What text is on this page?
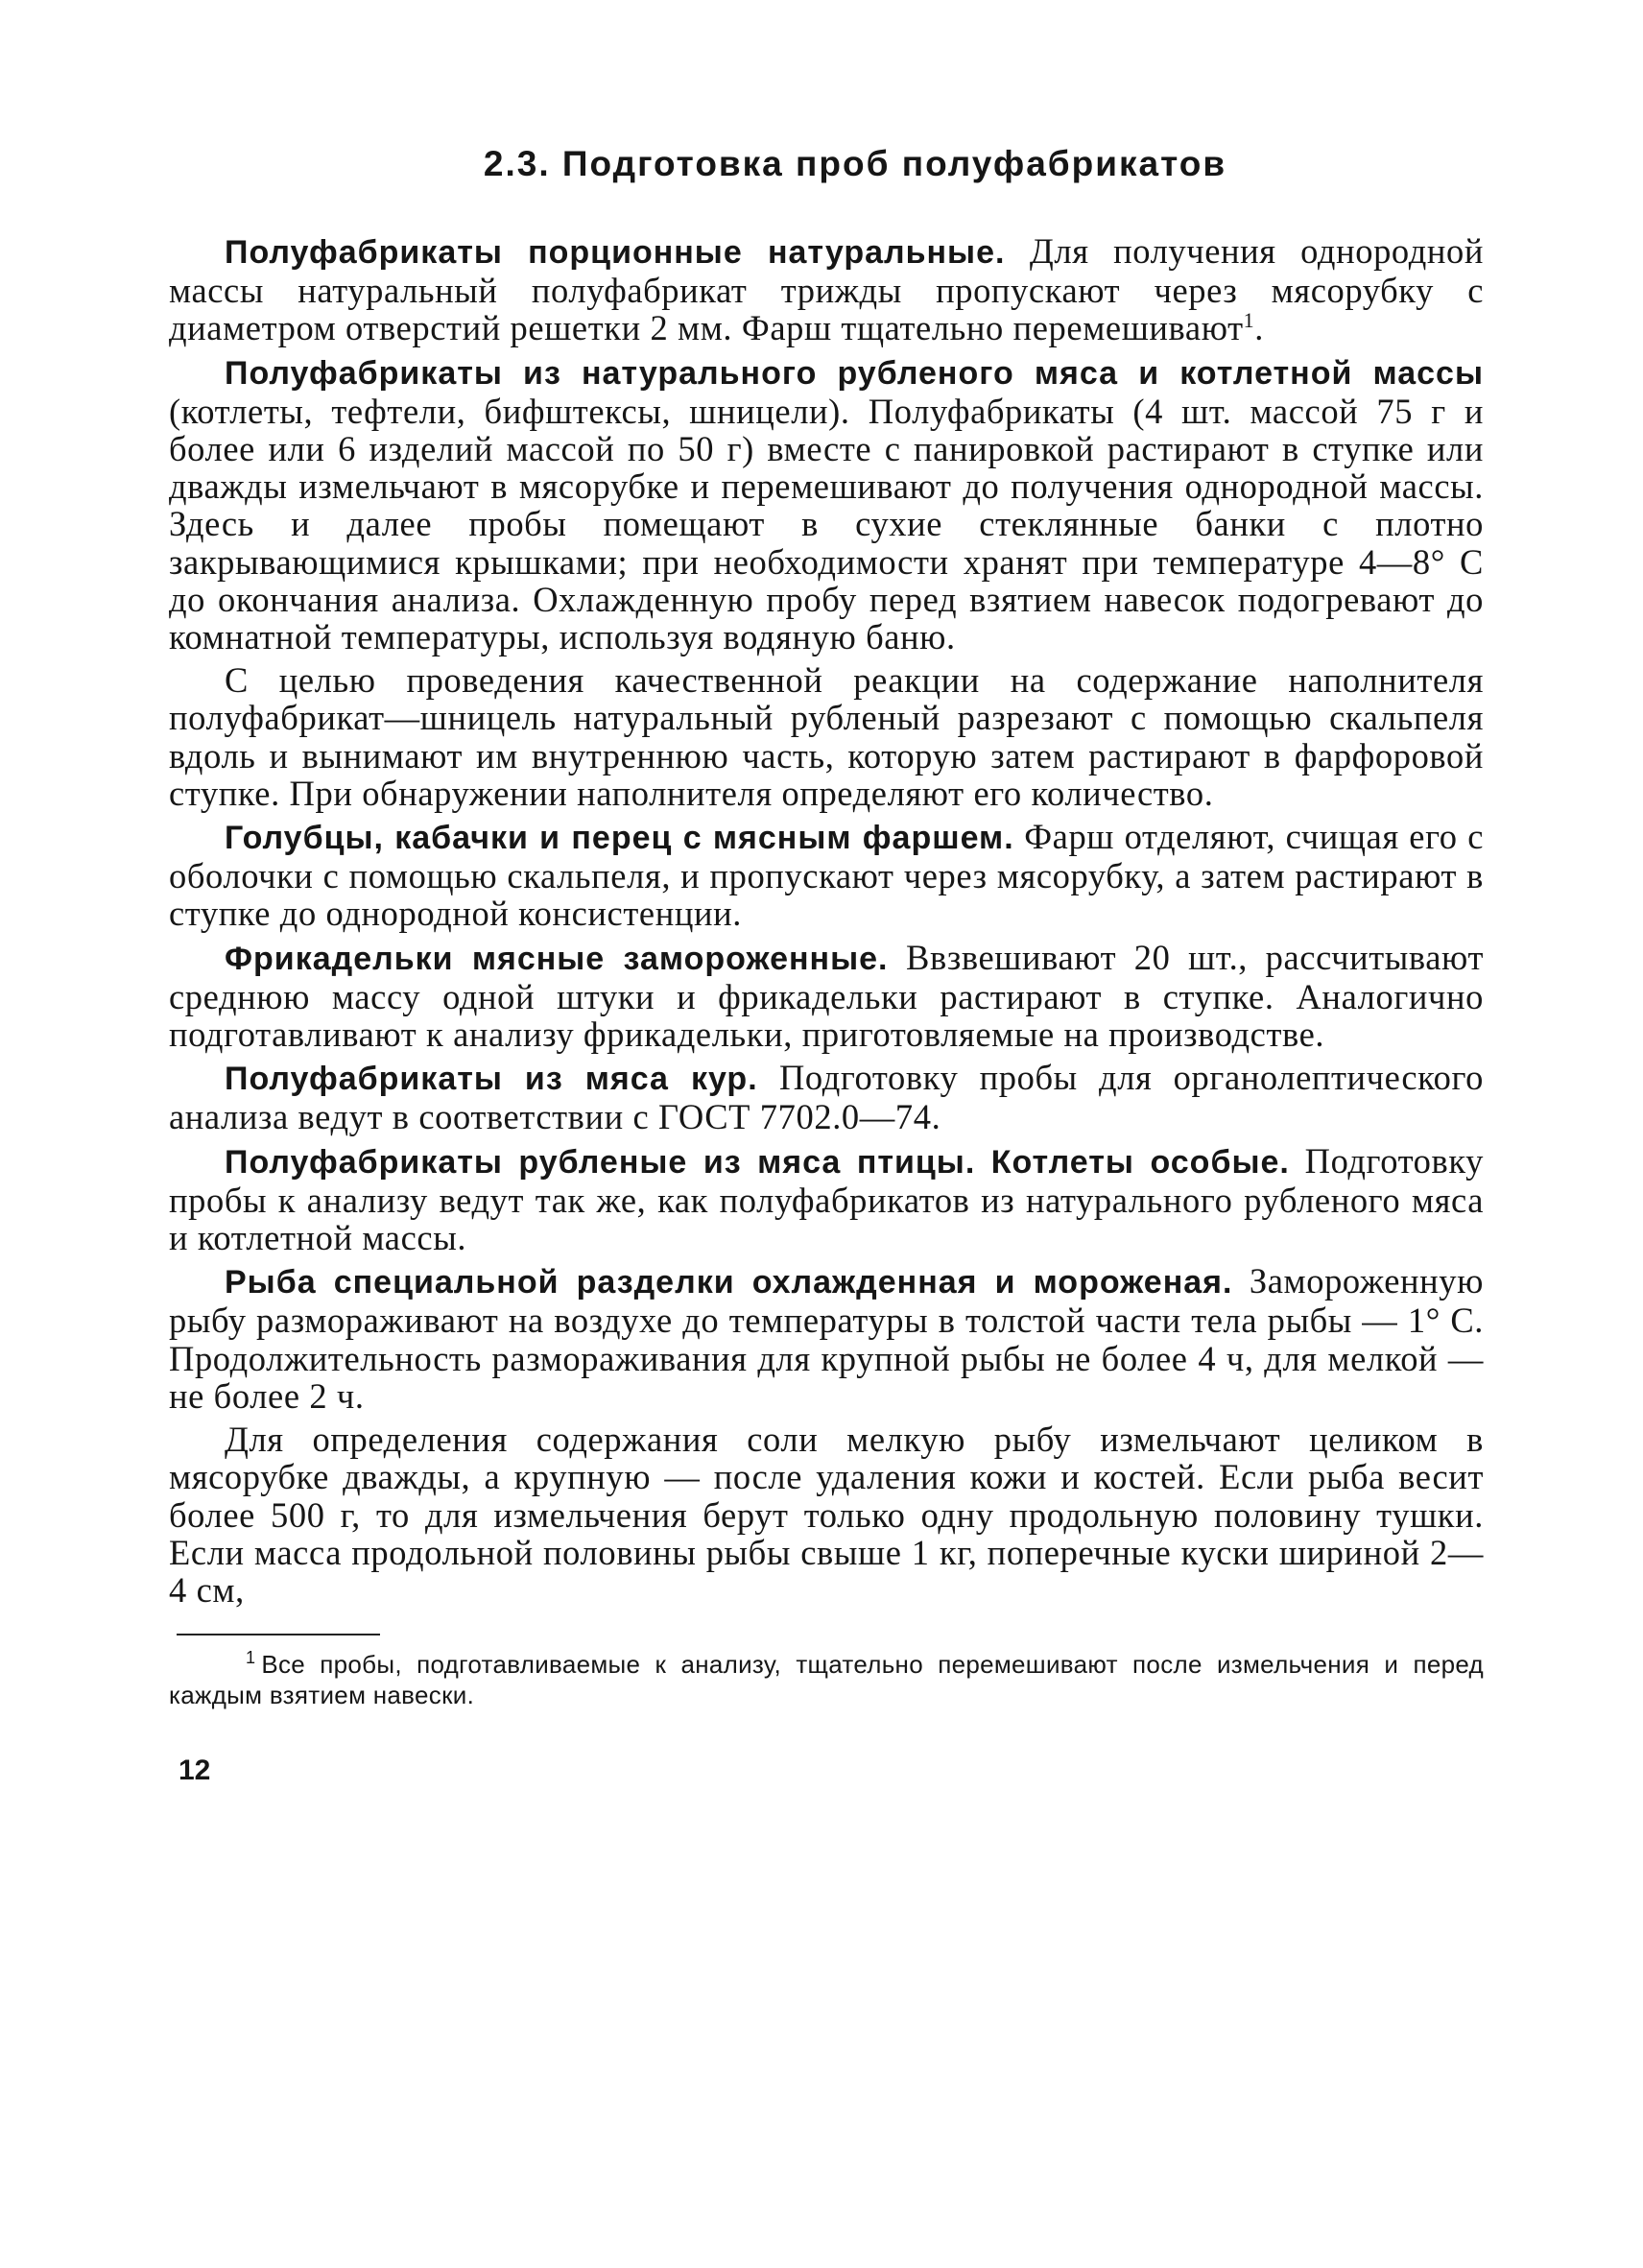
2.3. Подготовка проб полуфабрикатов

Полуфабрикаты порционные натуральные. Для получения однородной массы натуральный полуфабрикат трижды пропускают через мясорубку с диаметром отверстий решетки 2 мм. Фарш тщательно перемешивают$^1$.

Полуфабрикаты из натурального рубленого мяса и котлетной массы (котлеты, тефтели, бифштексы, шницели). Полуфабрикаты (4 шт. массой 75 г и более или 6 изделий массой по 50 г) вместе с панировкой растирают в ступке или дважды измельчают в мясорубке и перемешивают до получения однородной массы. Здесь и далее пробы помещают в сухие стеклянные банки с плотно закрывающимися крышками; при необходимости хранят при температуре 4—8° С до окончания анализа. Охлажденную пробу перед взятием навесок подогревают до комнатной температуры, используя водяную баню.

С целью проведения качественной реакции на содержание наполнителя полуфабрикат—шницель натуральный рубленый разрезают с помощью скальпеля вдоль и вынимают им внутреннюю часть, которую затем растирают в фарфоровой ступке. При обнаружении наполнителя определяют его количество.

Голубцы, кабачки и перец с мясным фаршем. Фарш отделяют, счищая его с оболочки с помощью скальпеля, и пропускают через мясорубку, а затем растирают в ступке до однородной консистенции.

Фрикадельки мясные замороженные. Ввзвешивают 20 шт., рассчитывают среднюю массу одной штуки и фрикадельки растирают в ступке. Аналогично подготавливают к анализу фрикадельки, приготовляемые на производстве.

Полуфабрикаты из мяса кур. Подготовку пробы для органолептического анализа ведут в соответствии с ГОСТ 7702.0—74.

Полуфабрикаты рубленые из мяса птицы. Котлеты особые. Подготовку пробы к анализу ведут так же, как полуфабрикатов из натурального рубленого мяса и котлетной массы.

Рыба специальной разделки охлажденная и мороженая. Замороженную рыбу размораживают на воздухе до температуры в толстой части тела рыбы — 1° С. Продолжительность размораживания для крупной рыбы не более 4 ч, для мелкой — не более 2 ч.

Для определения содержания соли мелкую рыбу измельчают целиком в мясорубке дважды, а крупную — после удаления кожи и костей. Если рыба весит более 500 г, то для измельчения берут только одну продольную половину тушки. Если масса продольной половины рыбы свыше 1 кг, поперечные куски шириной 2—4 см,

$^1$ Все пробы, подготавливаемые к анализу, тщательно перемешивают после измельчения и перед каждым взятием навески.

12
